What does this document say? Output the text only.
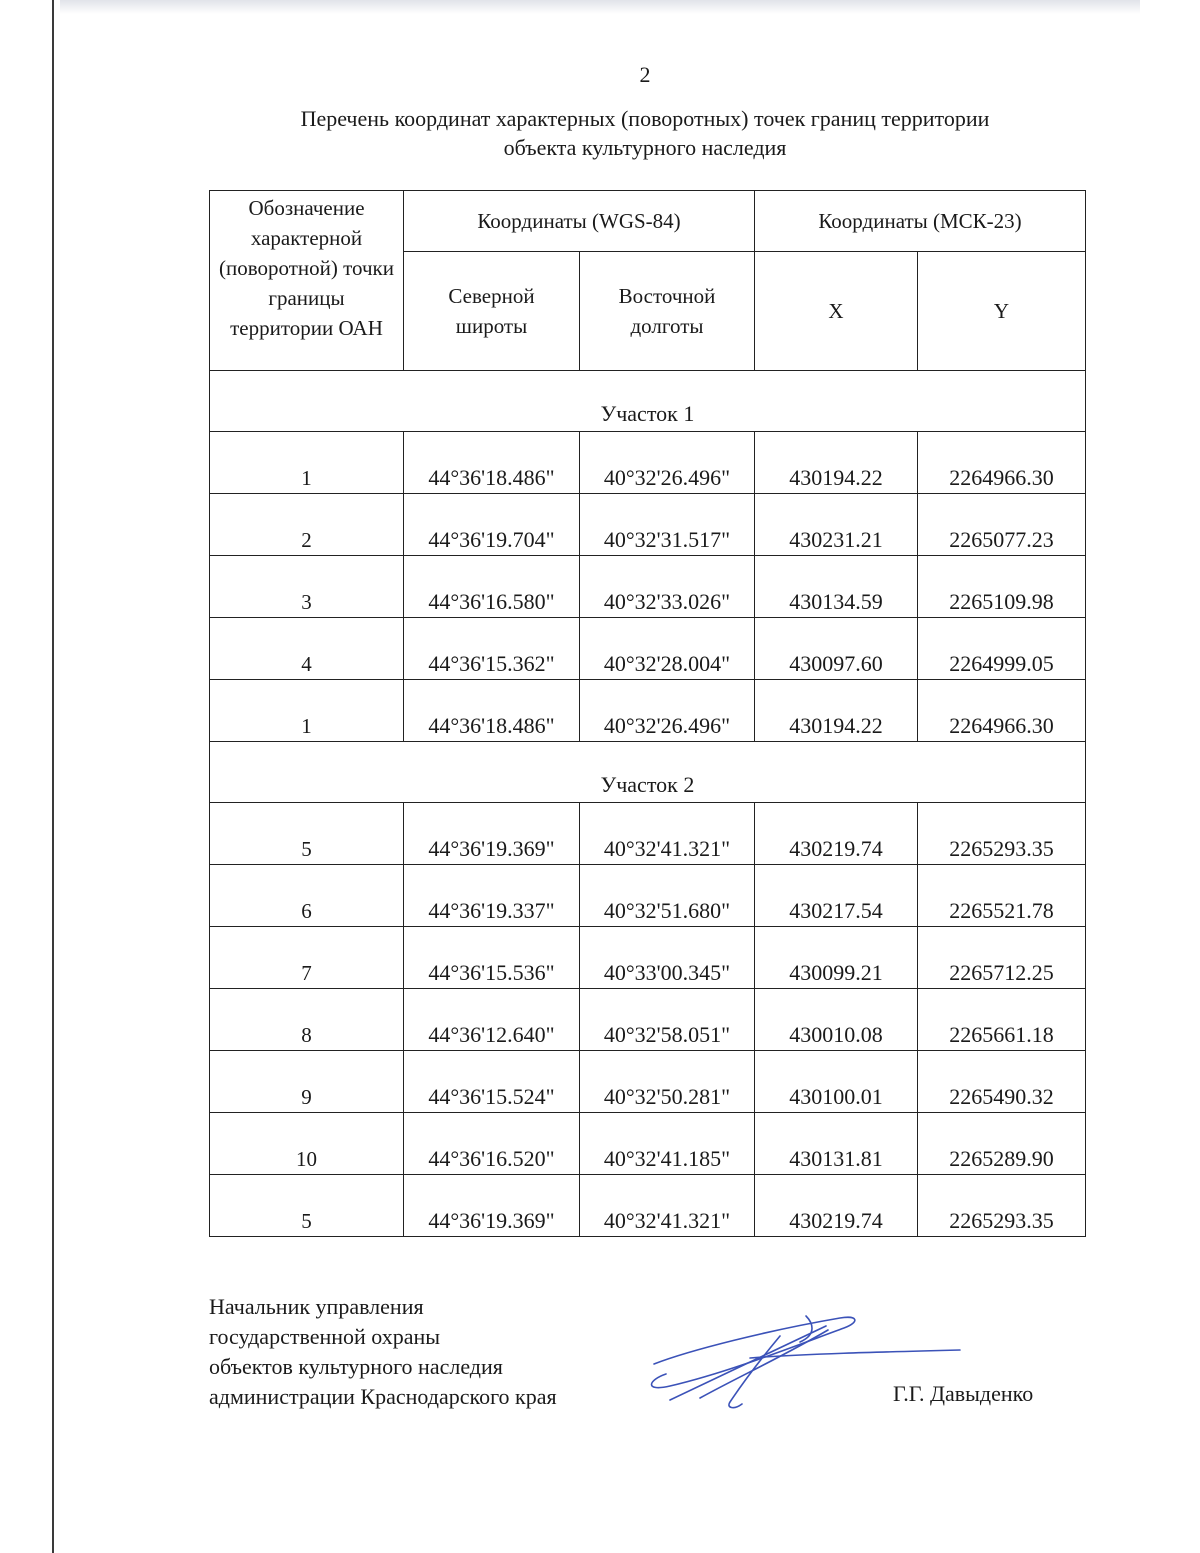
2
Перечень координат характерных (поворотных) точек границ территории
объекта культурного наследия
Обозначение характерной (поворотной) точки границы территории ОАН	Координаты (WGS-84)		Координаты (МСК-23)	
	Северной широты	Восточной долготы	X	Y
Участок 1				
1	44°36'18.486"	40°32'26.496"	430194.22	2264966.30
2	44°36'19.704"	40°32'31.517"	430231.21	2265077.23
3	44°36'16.580"	40°32'33.026"	430134.59	2265109.98
4	44°36'15.362"	40°32'28.004"	430097.60	2264999.05
1	44°36'18.486"	40°32'26.496"	430194.22	2264966.30
Участок 2				
5	44°36'19.369"	40°32'41.321"	430219.74	2265293.35
6	44°36'19.337"	40°32'51.680"	430217.54	2265521.78
7	44°36'15.536"	40°33'00.345"	430099.21	2265712.25
8	44°36'12.640"	40°32'58.051"	430010.08	2265661.18
9	44°36'15.524"	40°32'50.281"	430100.01	2265490.32
10	44°36'16.520"	40°32'41.185"	430131.81	2265289.90
5	44°36'19.369"	40°32'41.321"	430219.74	2265293.35
Начальник управления
государственной охраны
объектов культурного наследия
администрации Краснодарского края	Г.Г. Давыденко
